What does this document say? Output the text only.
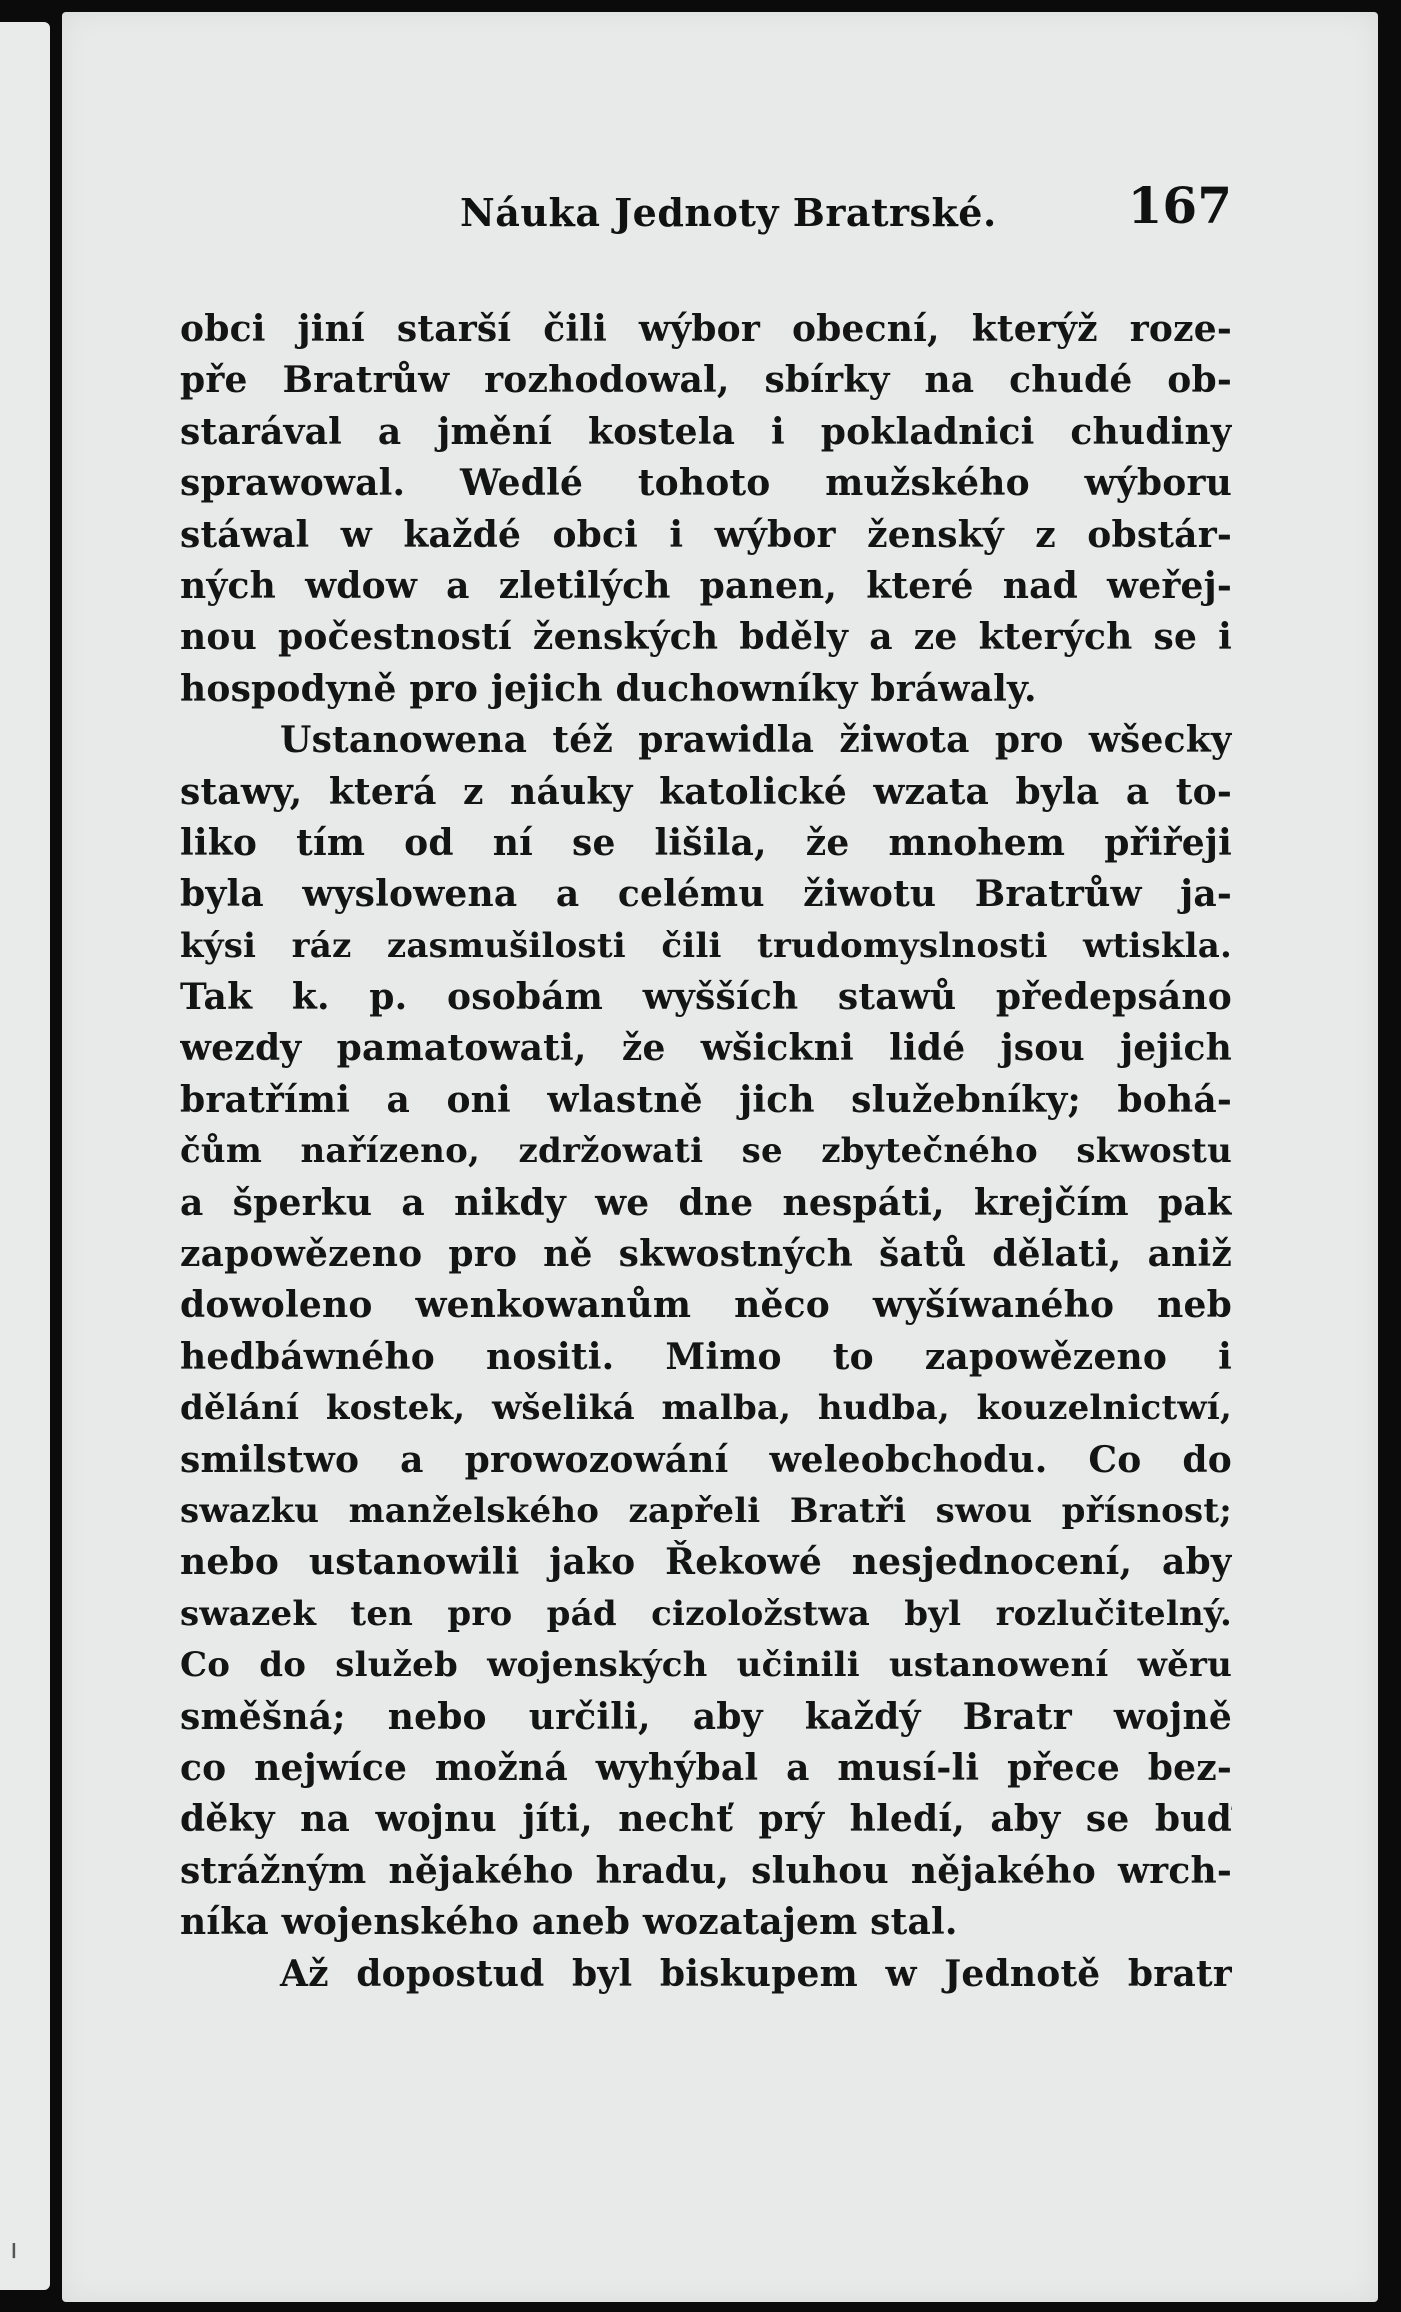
ı
Náuka Jednoty Bratrské.	167
obci jiní starší čili wýbor obecní, kterýž roze-
pře Bratrůw rozhodowal, sbírky na chudé ob-
starával a jmění kostela i pokladnici chudiny
sprawowal. Wedlé tohoto mužského wýboru
stáwal w každé obci i wýbor ženský z obstár-
ných wdow a zletilých panen, které nad weřej-
nou počestností ženských bděly a ze kterých se i
hospodyně pro jejich duchowníky bráwaly.
Ustanowena též prawidla žiwota pro wšecky
stawy, která z náuky katolické wzata byla a to-
liko tím od ní se lišila, že mnohem přiřeji
byla wyslowena a celému žiwotu Bratrůw ja-
kýsi ráz zasmušilosti čili trudomyslnosti wtiskla.
Tak k. p. osobám wyšších stawů předepsáno
wezdy pamatowati, že wšickni lidé jsou jejich
bratřími a oni wlastně jich služebníky; bohá-
čům nařízeno, zdržowati se zbytečného skwostu
a šperku a nikdy we dne nespáti, krejčím pak
zapowězeno pro ně skwostných šatů dělati, aniž
dowoleno wenkowanům něco wyšíwaného neb
hedbáwného nositi. Mimo to zapowězeno i
dělání kostek, wšeliká malba, hudba, kouzelnictwí,
smilstwo a prowozowání weleobchodu. Co do
swazku manželského zapřeli Bratři swou přísnost;
nebo ustanowili jako Řekowé nesjednocení, aby
swazek ten pro pád cizoložstwa byl rozlučitelný.
Co do služeb wojenských učinili ustanowení wěru
směšná; nebo určili, aby každý Bratr wojně
co nejwíce možná wyhýbal a musí-li přece bez-
děky na wojnu jíti, nechť prý hledí, aby se buď
strážným nějakého hradu, sluhou nějakého wrch-
níka wojenského aneb wozatajem stal.
Až dopostud byl biskupem w Jednotě bratr
